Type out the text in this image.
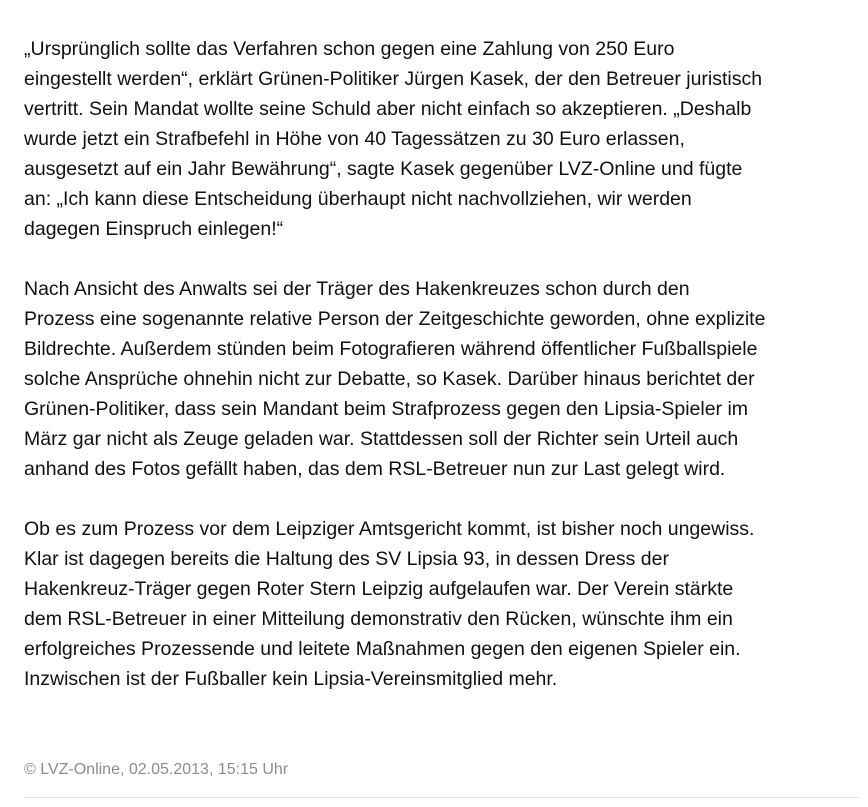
„Ursprünglich sollte das Verfahren schon gegen eine Zahlung von 250 Euro
eingestellt werden“, erklärt Grünen-Politiker Jürgen Kasek, der den Betreuer juristisch
vertritt. Sein Mandat wollte seine Schuld aber nicht einfach so akzeptieren. „Deshalb
wurde jetzt ein Strafbefehl in Höhe von 40 Tagessätzen zu 30 Euro erlassen,
ausgesetzt auf ein Jahr Bewährung“, sagte Kasek gegenüber LVZ-Online und fügte
an: „Ich kann diese Entscheidung überhaupt nicht nachvollziehen, wir werden
dagegen Einspruch einlegen!“

Nach Ansicht des Anwalts sei der Träger des Hakenkreuzes schon durch den
Prozess eine sogenannte relative Person der Zeitgeschichte geworden, ohne explizite
Bildrechte. Außerdem stünden beim Fotografieren während öffentlicher Fußballspiele
solche Ansprüche ohnehin nicht zur Debatte, so Kasek. Darüber hinaus berichtet der
Grünen-Politiker, dass sein Mandant beim Strafprozess gegen den Lipsia-Spieler im
März gar nicht als Zeuge geladen war. Stattdessen soll der Richter sein Urteil auch
anhand des Fotos gefällt haben, das dem RSL-Betreuer nun zur Last gelegt wird.

Ob es zum Prozess vor dem Leipziger Amtsgericht kommt, ist bisher noch ungewiss.
Klar ist dagegen bereits die Haltung des SV Lipsia 93, in dessen Dress der
Hakenkreuz-Träger gegen Roter Stern Leipzig aufgelaufen war. Der Verein stärkte
dem RSL-Betreuer in einer Mitteilung demonstrativ den Rücken, wünschte ihm ein
erfolgreiches Prozessende und leitete Maßnahmen gegen den eigenen Spieler ein.
Inzwischen ist der Fußballer kein Lipsia-Vereinsmitglied mehr.

© LVZ-Online, 02.05.2013, 15:15 Uhr
